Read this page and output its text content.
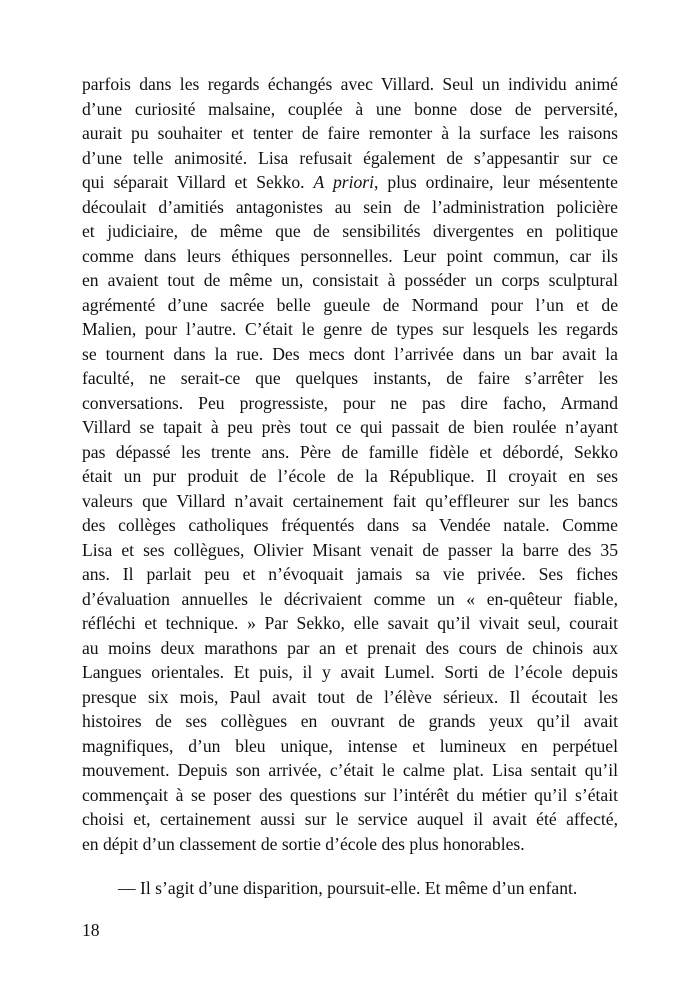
parfois dans les regards échangés avec Villard. Seul un individu animé
d’une curiosité malsaine, couplée à une bonne dose de perversité,
aurait pu souhaiter et tenter de faire remonter à la surface les raisons
d’une telle animosité. Lisa refusait également de s’appesantir sur ce
qui séparait Villard et Sekko. A priori, plus ordinaire, leur mésentente
découlait d’amitiés antagonistes au sein de l’administration policière
et judiciaire, de même que de sensibilités divergentes en politique
comme dans leurs éthiques personnelles. Leur point commun, car ils
en avaient tout de même un, consistait à posséder un corps sculptural
agrémenté d’une sacrée belle gueule de Normand pour l’un et de
Malien, pour l’autre. C’était le genre de types sur lesquels les regards
se tournent dans la rue. Des mecs dont l’arrivée dans un bar avait la
faculté, ne serait-ce que quelques instants, de faire s’arrêter les
conversations. Peu progressiste, pour ne pas dire facho, Armand
Villard se tapait à peu près tout ce qui passait de bien roulée n’ayant
pas dépassé les trente ans. Père de famille fidèle et débordé, Sekko
était un pur produit de l’école de la République. Il croyait en ses
valeurs que Villard n’avait certainement fait qu’effleurer sur les bancs
des collèges catholiques fréquentés dans sa Vendée natale. Comme
Lisa et ses collègues, Olivier Misant venait de passer la barre des 35
ans. Il parlait peu et n’évoquait jamais sa vie privée. Ses fiches
d’évaluation annuelles le décrivaient comme un « en-quêteur fiable,
réfléchi et technique. » Par Sekko, elle savait qu’il vivait seul, courait
au moins deux marathons par an et prenait des cours de chinois aux
Langues orientales. Et puis, il y avait Lumel. Sorti de l’école depuis
presque six mois, Paul avait tout de l’élève sérieux. Il écoutait les
histoires de ses collègues en ouvrant de grands yeux qu’il avait
magnifiques, d’un bleu unique, intense et lumineux en perpétuel
mouvement. Depuis son arrivée, c’était le calme plat. Lisa sentait qu’il
commençait à se poser des questions sur l’intérêt du métier qu’il s’était
choisi et, certainement aussi sur le service auquel il avait été affecté,
en dépit d’un classement de sortie d’école des plus honorables.
— Il s’agit d’une disparition, poursuit-elle. Et même d’un enfant.
18
